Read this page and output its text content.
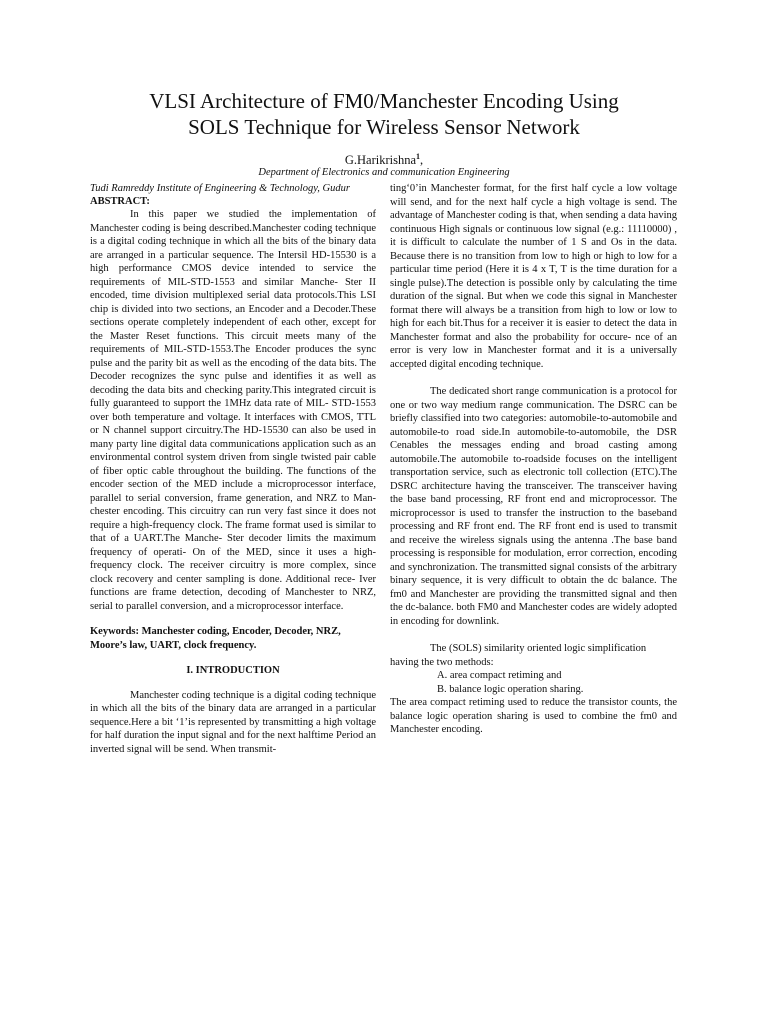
VLSI Architecture of FM0/Manchester Encoding Using
SOLS Technique for Wireless Sensor Network
G.Harikrishna$^1$,
Department of Electronics and communication Engineering

Tudi Ramreddy Institute of Engineering & Technology, Gudur ABSTRACT:

In this paper we studied the implementation of Manchester coding is being described.Manchester coding technique is a digital coding technique in which all the bits of the binary data are arranged in a particular sequence. The Intersil HD-15530 is a high performance CMOS device intended to service the requirements of MIL-STD-1553 and similar Manche- Ster II encoded, time division multiplexed serial data protocols.This LSI chip is divided into two sections, an Encoder and a Decoder.These sections operate completely independent of each other, except for the Master Reset functions. This circuit meets many of the requirements of MIL-STD-1553.The Encoder produces the sync pulse and the parity bit as well as the encoding of the data bits. The Decoder recognizes the sync pulse and identifies it as well as decoding the data bits and checking parity.This integrated circuit is fully guaranteed to support the 1MHz data rate of MIL- STD-1553 over both temperature and voltage. It interfaces with CMOS, TTL or N channel support circuitry.The HD-15530 can also be used in many party line digital data communications application such as an environmental control system driven from single twisted pair cable of fiber optic cable throughout the building. The functions of the encoder section of the MED include a microprocessor interface, parallel to serial conversion, frame generation, and NRZ to Man- chester encoding. This circuitry can run very fast since it does not require a high-frequency clock. The frame format used is similar to that of a UART.The Manche- Ster decoder limits the maximum frequency of operati- On of the MED, since it uses a high-frequency clock. The receiver circuitry is more complex, since clock recovery and center sampling is done. Additional rece- Iver functions are frame detection, decoding of Manchester to NRZ, serial to parallel conversion, and a microprocessor interface.

Keywords: Manchester coding, Encoder, Decoder, NRZ, Moore’s law, UART, clock frequency.

I. INTRODUCTION

Manchester coding technique is a digital coding technique in which all the bits of the binary data are arranged in a particular sequence.Here a bit ‘1’is represented by transmitting a high voltage for half duration the input signal and for the next halftime Period an inverted signal will be send. When transmit-

ting‘0’in Manchester format, for the first half cycle a low voltage will send, and for the next half cycle a high voltage is send. The advantage of Manchester coding is that, when sending a data having continuous High signals or continuous low signal (e.g.: 11110000) , it is difficult to calculate the number of 1 S and Os in the data. Because there is no transition from low to high or high to low for a particular time period (Here it is 4 x T, T is the time duration for a single pulse).The detection is possible only by calculating the time duration of the signal. But when we code this signal in Manchester format there will always be a transition from high to low or low to high for each bit.Thus for a receiver it is easier to detect the data in Manchester format and also the probability for occure- nce of an error is very low in Manchester format and it is a universally accepted digital encoding technique.

The dedicated short range communication is a protocol for one or two way medium range communication. The DSRC can be briefly classified into two categories: automobile-to-automobile and automobile-to road side.In automobile-to-automobile, the DSR Cenables the messages ending and broad casting among automobile.The automobile to-roadside focuses on the intelligent transportation service, such as electronic toll collection (ETC).The DSRC architecture having the transceiver. The transceiver having the base band processing, RF front end and microprocessor. The microprocessor is used to transfer the instruction to the baseband processing and RF front end. The RF front end is used to transmit and receive the wireless signals using the antenna .The base band processing is responsible for modulation, error correction, encoding and synchronization. The transmitted signal consists of the arbitrary binary sequence, it is very difficult to obtain the dc balance. The fm0 and Manchester are providing the transmitted signal and then the dc-balance. both FM0 and Manchester codes are widely adopted in encoding for downlink.

The (SOLS) similarity oriented logic simplification having the two methods:

A. area compact retiming and

B. balance logic operation sharing.

The area compact retiming used to reduce the transistor counts, the balance logic operation sharing is used to combine the fm0 and Manchester encoding.
